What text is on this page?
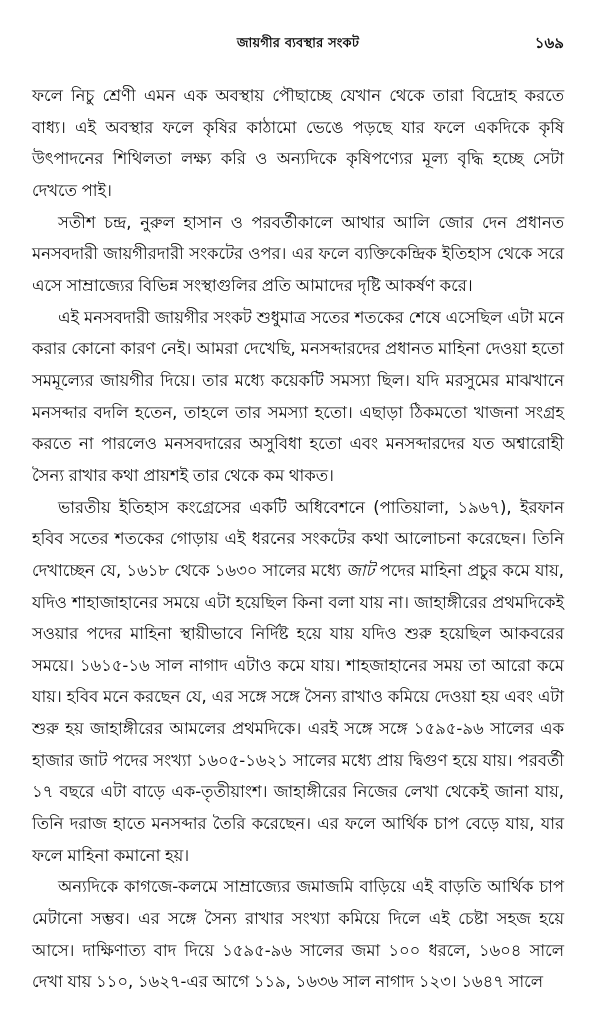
জায়গীর ব্যবস্থার সংকট	১৬৯

ফলে নিচু শ্রেণী এমন এক অবস্থায় পৌছাচ্ছে যেখান থেকে তারা বিদ্রোহ করতে বাধ্য। এই অবস্থার ফলে কৃষির কাঠামো ভেঙে পড়ছে যার ফলে একদিকে কৃষি উৎপাদনের শিথিলতা লক্ষ্য করি ও অন্যদিকে কৃষিপণ্যের মূল্য বৃদ্ধি হচ্ছে সেটা দেখতে পাই।

সতীশ চন্দ্র, নুরুল হাসান ও পরবর্তীকালে আথার আলি জোর দেন প্রধানত মনসবদারী জায়গীরদারী সংকটের ওপর। এর ফলে ব্যক্তিকেন্দ্রিক ইতিহাস থেকে সরে এসে সাম্রাজ্যের বিভিন্ন সংস্থাগুলির প্রতি আমাদের দৃষ্টি আকর্ষণ করে।

এই মনসবদারী জায়গীর সংকট শুধুমাত্র সতের শতকের শেষে এসেছিল এটা মনে করার কোনো কারণ নেই। আমরা দেখেছি, মনসব্দারদের প্রধানত মাহিনা দেওয়া হতো সমমূল্যের জায়গীর দিয়ে। তার মধ্যে কয়েকটি সমস্যা ছিল। যদি মরসুমের মাঝখানে মনসব্দার বদলি হতেন, তাহলে তার সমস্যা হতো। এছাড়া ঠিকমতো খাজনা সংগ্রহ করতে না পারলেও মনসবদারের অসুবিধা হতো এবং মনসব্দারদের যত অশ্বারোহী সৈন্য রাখার কথা প্রায়শই তার থেকে কম থাকত।

ভারতীয় ইতিহাস কংগ্রেসের একটি অধিবেশনে (পাতিয়ালা, ১৯৬৭), ইরফান হবিব সতের শতকের গোড়ায় এই ধরনের সংকটের কথা আলোচনা করেছেন। তিনি দেখাচ্ছেন যে, ১৬১৮ থেকে ১৬৩০ সালের মধ্যে জাট পদের মাহিনা প্রচুর কমে যায়, যদিও শাহাজাহানের সময়ে এটা হয়েছিল কিনা বলা যায় না। জাহাঙ্গীরের প্রথমদিকেই সওয়ার পদের মাহিনা স্থায়ীভাবে নির্দিষ্ট হয়ে যায় যদিও শুরু হয়েছিল আকবরের সময়ে। ১৬১৫-১৬ সাল নাগাদ এটাও কমে যায়। শাহজাহানের সময় তা আরো কমে যায়। হবিব মনে করছেন যে, এর সঙ্গে সঙ্গে সৈন্য রাখাও কমিয়ে দেওয়া হয় এবং এটা শুরু হয় জাহাঙ্গীরের আমলের প্রথমদিকে। এরই সঙ্গে সঙ্গে ১৫৯৫-৯৬ সালের এক হাজার জাট পদের সংখ্যা ১৬০৫-১৬২১ সালের মধ্যে প্রায় দ্বিগুণ হয়ে যায়। পরবর্তী ১৭ বছরে এটা বাড়ে এক-তৃতীয়াংশ। জাহাঙ্গীরের নিজের লেখা থেকেই জানা যায়, তিনি দরাজ হাতে মনসব্দার তৈরি করেছেন। এর ফলে আর্থিক চাপ বেড়ে যায়, যার ফলে মাহিনা কমানো হয়।

অন্যদিকে কাগজে-কলমে সাম্রাজ্যের জমাজমি বাড়িয়ে এই বাড়তি আর্থিক চাপ মেটানো সম্ভব। এর সঙ্গে সৈন্য রাখার সংখ্যা কমিয়ে দিলে এই চেষ্টা সহজ হয়ে আসে। দাক্ষিণাত্য বাদ দিয়ে ১৫৯৫-৯৬ সালের জমা ১০০ ধরলে, ১৬০৪ সালে দেখা যায় ১১০, ১৬২৭-এর আগে ১১৯, ১৬৩৬ সাল নাগাদ ১২৩। ১৬৪৭ সালে
